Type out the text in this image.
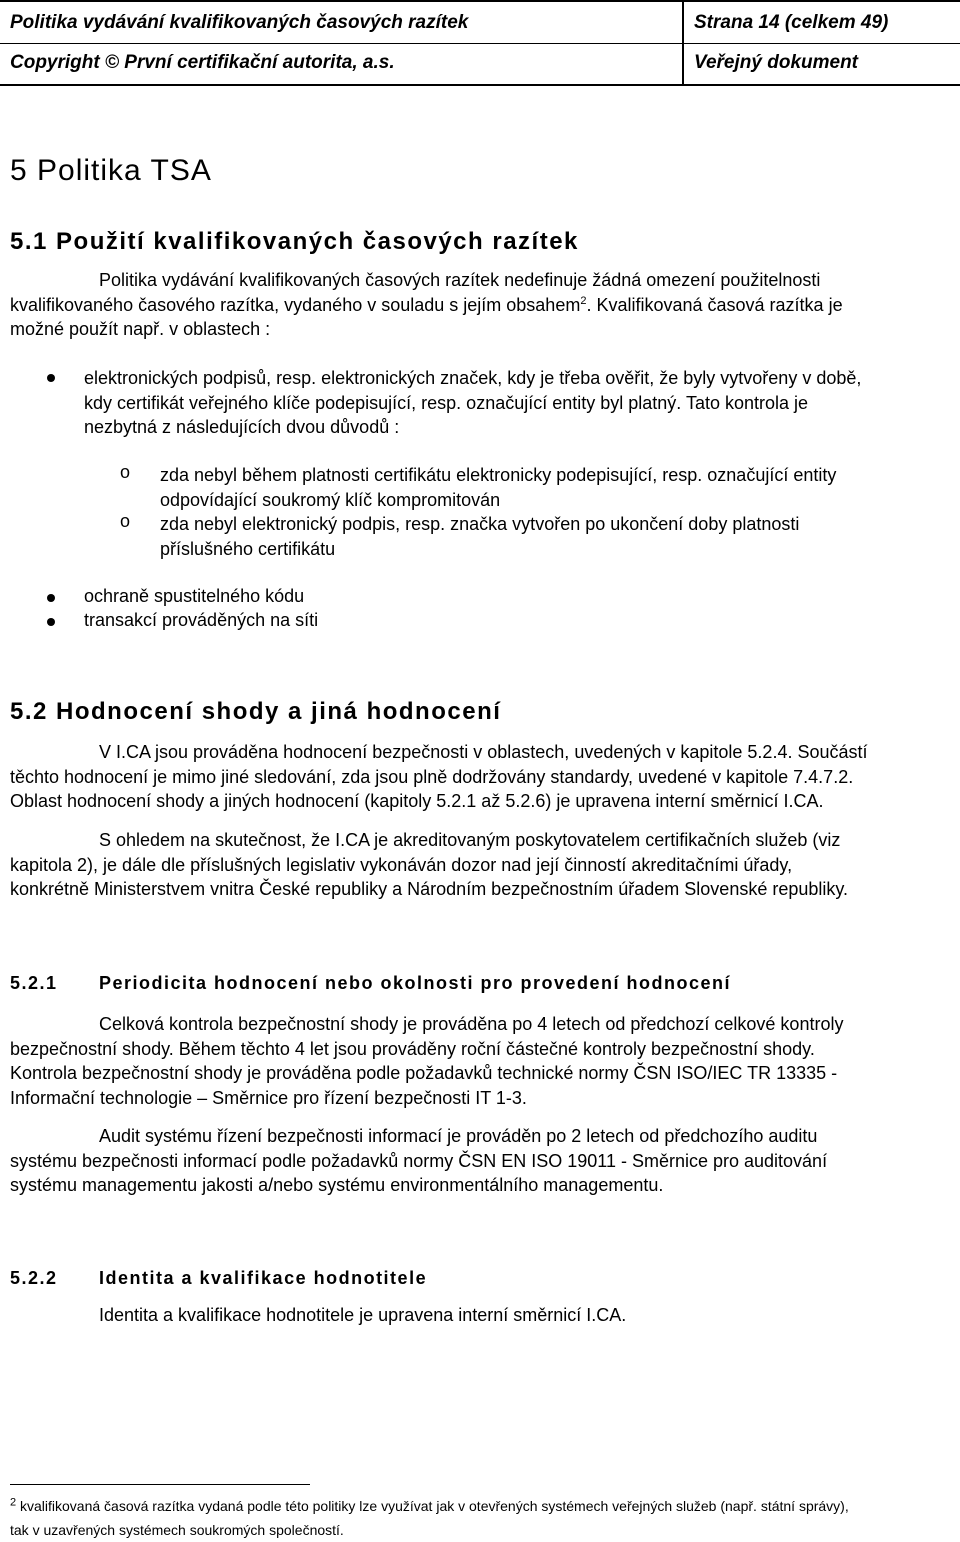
Politika vydávání kvalifikovaných časových razítek	Strana 14 (celkem 49)
Copyright © První certifikační autorita, a.s.	Veřejný dokument
5 Politika TSA
5.1 Použití kvalifikovaných časových razítek
Politika vydávání kvalifikovaných časových razítek nedefinuje žádná omezení použitelnosti
kvalifikovaného časového razítka, vydaného v souladu s jejím obsahem$^2$. Kvalifikovaná časová razítka je
možné použít např. v oblastech :
elektronických podpisů, resp. elektronických značek, kdy je třeba ověřit, že byly vytvořeny v době,
kdy certifikát veřejného klíče podepisující, resp. označující entity byl platný. Tato kontrola je
nezbytná z následujících dvou důvodů :
o zda nebyl během platnosti certifikátu elektronicky podepisující, resp. označující entity
odpovídající soukromý klíč kompromitován
o zda nebyl elektronický podpis, resp. značka vytvořen po ukončení doby platnosti
příslušného certifikátu
ochraně spustitelného kódu
transakcí prováděných na síti
5.2 Hodnocení shody a jiná hodnocení
V I.CA jsou prováděna hodnocení bezpečnosti v oblastech, uvedených v kapitole 5.2.4. Součástí
těchto hodnocení je mimo jiné sledování, zda jsou plně dodržovány standardy, uvedené v kapitole 7.4.7.2.
Oblast hodnocení shody a jiných hodnocení (kapitoly 5.2.1 až 5.2.6) je upravena interní směrnicí I.CA.
S ohledem na skutečnost, že I.CA je akreditovaným poskytovatelem certifikačních služeb (viz
kapitola 2), je dále dle příslušných legislativ vykonáván dozor nad její činností akreditačními úřady,
konkrétně Ministerstvem vnitra České republiky a Národním bezpečnostním úřadem Slovenské republiky.
5.2.1 Periodicita hodnocení nebo okolnosti pro provedení hodnocení
Celková kontrola bezpečnostní shody je prováděna po 4 letech od předchozí celkové kontroly
bezpečnostní shody. Během těchto 4 let jsou prováděny roční částečné kontroly bezpečnostní shody.
Kontrola bezpečnostní shody je prováděna podle požadavků technické normy ČSN ISO/IEC TR 13335 -
Informační technologie – Směrnice pro řízení bezpečnosti IT 1-3.
Audit systému řízení bezpečnosti informací je prováděn po 2 letech od předchozího auditu
systému bezpečnosti informací podle požadavků normy ČSN EN ISO 19011 - Směrnice pro auditování
systému managementu jakosti a/nebo systému environmentálního managementu.
5.2.2 Identita a kvalifikace hodnotitele
Identita a kvalifikace hodnotitele je upravena interní směrnicí I.CA.
$^2$ kvalifikovaná časová razítka vydaná podle této politiky lze využívat jak v otevřených systémech veřejných služeb (např. státní správy),
tak v uzavřených systémech soukromých společností.
